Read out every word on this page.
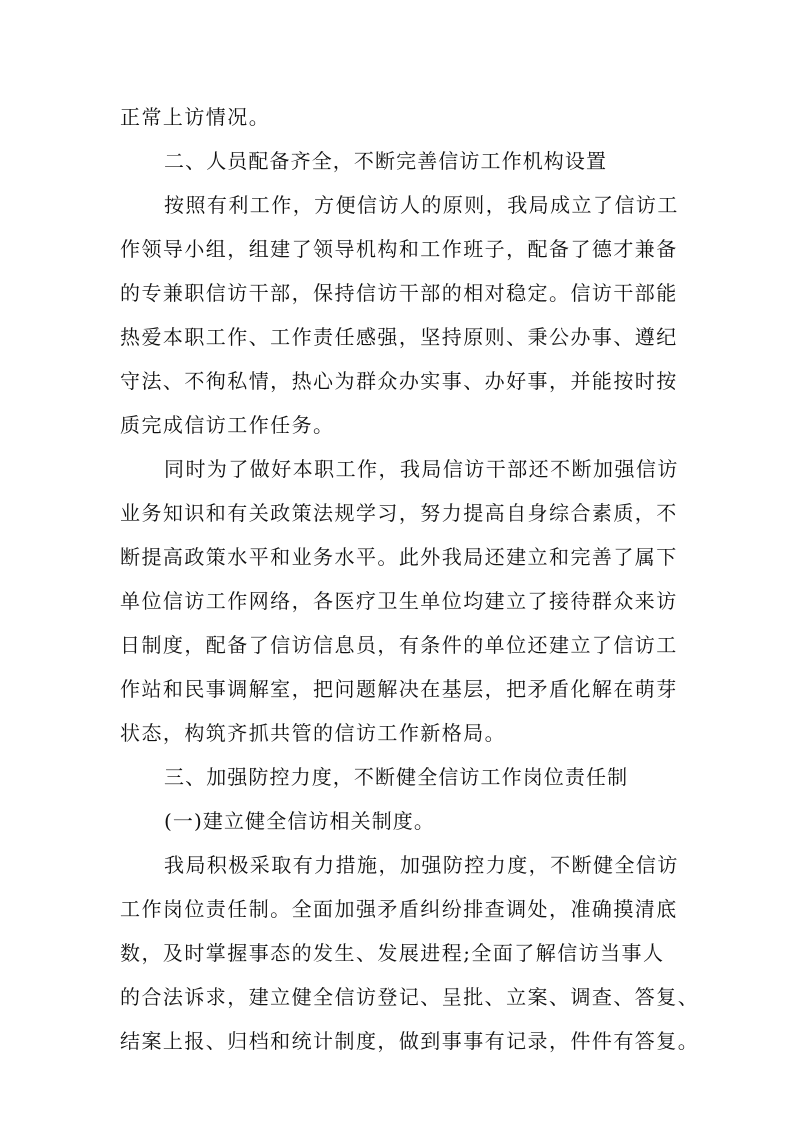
正常上访情况。
二、人员配备齐全，不断完善信访工作机构设置
按照有利工作，方便信访人的原则，我局成立了信访工
作领导小组，组建了领导机构和工作班子，配备了德才兼备
的专兼职信访干部，保持信访干部的相对稳定。信访干部能
热爱本职工作、工作责任感强，坚持原则、秉公办事、遵纪
守法、不徇私情，热心为群众办实事、办好事，并能按时按
质完成信访工作任务。
同时为了做好本职工作，我局信访干部还不断加强信访
业务知识和有关政策法规学习，努力提高自身综合素质，不
断提高政策水平和业务水平。此外我局还建立和完善了属下
单位信访工作网络，各医疗卫生单位均建立了接待群众来访
日制度，配备了信访信息员，有条件的单位还建立了信访工
作站和民事调解室，把问题解决在基层，把矛盾化解在萌芽
状态，构筑齐抓共管的信访工作新格局。
三、加强防控力度，不断健全信访工作岗位责任制
(一)建立健全信访相关制度。
我局积极采取有力措施，加强防控力度，不断健全信访
工作岗位责任制。全面加强矛盾纠纷排查调处，准确摸清底
数，及时掌握事态的发生、发展进程;全面了解信访当事人
的合法诉求，建立健全信访登记、呈批、立案、调查、答复、
结案上报、归档和统计制度，做到事事有记录，件件有答复。
